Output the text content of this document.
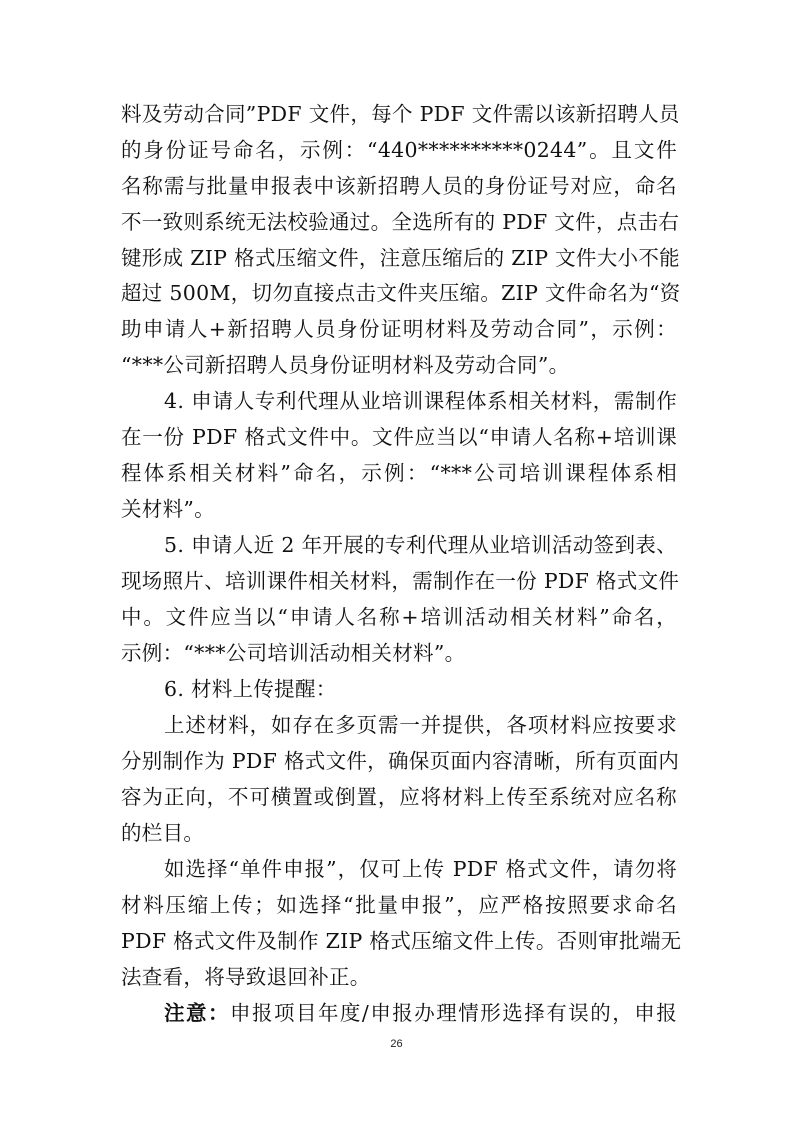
料及劳动合同”PDF 文件，每个 PDF 文件需以该新招聘人员
的身份证号命名，示例：“440**********0244”。且文件
名称需与批量申报表中该新招聘人员的身份证号对应，命名
不一致则系统无法校验通过。全选所有的 PDF 文件，点击右
键形成 ZIP 格式压缩文件，注意压缩后的 ZIP 文件大小不能
超过 500M，切勿直接点击文件夹压缩。ZIP 文件命名为“资
助申请人+新招聘人员身份证明材料及劳动合同”，示例：
“***公司新招聘人员身份证明材料及劳动合同”。
4. 申请人专利代理从业培训课程体系相关材料，需制作
在一份 PDF 格式文件中。文件应当以“申请人名称+培训课
程体系相关材料”命名，示例：“***公司培训课程体系相
关材料”。
5. 申请人近 2 年开展的专利代理从业培训活动签到表、
现场照片、培训课件相关材料，需制作在一份 PDF 格式文件
中。文件应当以“申请人名称+培训活动相关材料”命名，
示例：“***公司培训活动相关材料”。
6. 材料上传提醒：
上述材料，如存在多页需一并提供，各项材料应按要求
分别制作为 PDF 格式文件，确保页面内容清晰，所有页面内
容为正向，不可横置或倒置，应将材料上传至系统对应名称
的栏目。
如选择“单件申报”，仅可上传 PDF 格式文件，请勿将
材料压缩上传；如选择“批量申报”，应严格按照要求命名
PDF 格式文件及制作 ZIP 格式压缩文件上传。否则审批端无
法查看，将导致退回补正。
注意：申报项目年度/申报办理情形选择有误的，申报
26
